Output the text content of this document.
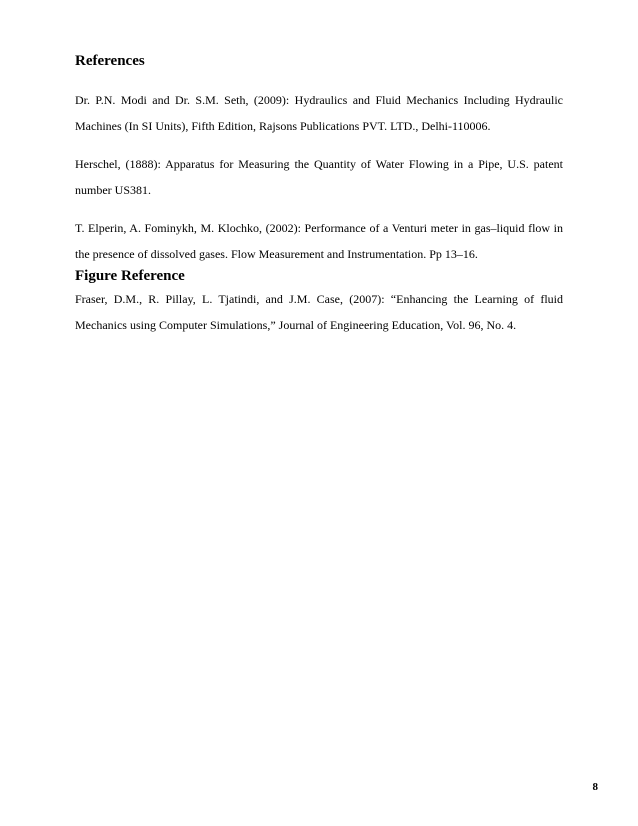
References

Dr. P.N. Modi and Dr. S.M. Seth, (2009): Hydraulics and Fluid Mechanics Including Hydraulic Machines (In SI Units), Fifth Edition, Rajsons Publications PVT. LTD., Delhi-110006.

Herschel, (1888): Apparatus for Measuring the Quantity of Water Flowing in a Pipe, U.S. patent number US381.

T. Elperin, A. Fominykh, M. Klochko, (2002): Performance of a Venturi meter in gas–liquid flow in the presence of dissolved gases. Flow Measurement and Instrumentation. Pp 13–16.

Figure Reference

Fraser, D.M., R. Pillay, L. Tjatindi, and J.M. Case, (2007): “Enhancing the Learning of fluid Mechanics using Computer Simulations,” Journal of Engineering Education, Vol. 96, No. 4.

8
